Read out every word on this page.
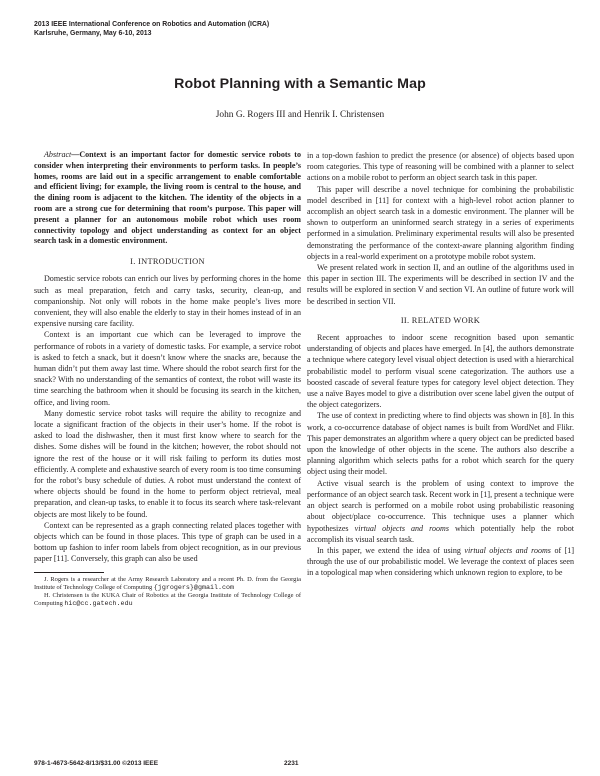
2013 IEEE International Conference on Robotics and Automation (ICRA)
Karlsruhe, Germany, May 6-10, 2013
Robot Planning with a Semantic Map
John G. Rogers III and Henrik I. Christensen

Abstract—Context is an important factor for domestic service robots to consider when interpreting their environments to perform tasks. In people’s homes, rooms are laid out in a specific arrangement to enable comfortable and efficient living; for example, the living room is central to the house, and the dining room is adjacent to the kitchen. The identity of the objects in a room are a strong cue for determining that room’s purpose. This paper will present a planner for an autonomous mobile robot which uses room connectivity topology and object understanding as context for an object search task in a domestic environment.

I. INTRODUCTION

Domestic service robots can enrich our lives by performing chores in the home such as meal preparation, fetch and carry tasks, security, clean-up, and companionship. Not only will robots in the home make people’s lives more convenient, they will also enable the elderly to stay in their homes instead of in an expensive nursing care facility.

Context is an important cue which can be leveraged to improve the performance of robots in a variety of domestic tasks. For example, a service robot is asked to fetch a snack, but it doesn’t know where the snacks are, because the human didn’t put them away last time. Where should the robot search first for the snack? With no understanding of the semantics of context, the robot will waste its time searching the bathroom when it should be focusing its search in the kitchen, office, and living room.

Many domestic service robot tasks will require the ability to recognize and locate a significant fraction of the objects in their user’s home. If the robot is asked to load the dishwasher, then it must first know where to search for the dishes. Some dishes will be found in the kitchen; however, the robot should not ignore the rest of the house or it will risk failing to perform its duties most efficiently. A complete and exhaustive search of every room is too time consuming for the robot’s busy schedule of duties. A robot must understand the context of where objects should be found in the home to perform object retrieval, meal preparation, and clean-up tasks, to enable it to focus its search where task-relevant objects are most likely to be found.

Context can be represented as a graph connecting related places together with objects which can be found in those places. This type of graph can be used in a bottom up fashion to infer room labels from object recognition, as in our previous paper [11]. Conversely, this graph can also be used

J. Rogers is a researcher at the Army Research Laboratory and a recent Ph. D. from the Georgia Institute of Technology College of Computing {jgrogers}@gmail.com

H. Christensen is the KUKA Chair of Robotics at the Georgia Institute of Technology College of Computing hic@cc.gatech.edu

in a top-down fashion to predict the presence (or absence) of objects based upon room categories. This type of reasoning will be combined with a planner to select actions on a mobile robot to perform an object search task in this paper.

This paper will describe a novel technique for combining the probabilistic model described in [11] for context with a high-level robot action planner to accomplish an object search task in a domestic environment. The planner will be shown to outperform an uninformed search strategy in a series of experiments performed in a simulation. Preliminary experimental results will also be presented demonstrating the performance of the context-aware planning algorithm finding objects in a real-world experiment on a prototype mobile robot system.

We present related work in section II, and an outline of the algorithms used in this paper in section III. The experiments will be described in section IV and the results will be explored in section V and section VI. An outline of future work will be described in section VII.

II. RELATED WORK

Recent approaches to indoor scene recognition based upon semantic understanding of objects and places have emerged. In [4], the authors demonstrate a technique where category level visual object detection is used with a hierarchical probabilistic model to perform visual scene categorization. The authors use a boosted cascade of several feature types for category level object detection. They use a naïve Bayes model to give a distribution over scene label given the output of the object categorizers.

The use of context in predicting where to find objects was shown in [8]. In this work, a co-occurrence database of object names is built from WordNet and Flikr. This paper demonstrates an algorithm where a query object can be predicted based upon the knowledge of other objects in the scene. The authors also describe a planning algorithm which selects paths for a robot which search for the query object using their model.

Active visual search is the problem of using context to improve the performance of an object search task. Recent work in [1], present a technique were an object search is performed on a mobile robot using probabilistic reasoning about object/place co-occurrence. This technique uses a planner which hypothesizes virtual objects and rooms which potentially help the robot accomplish its visual search task.

In this paper, we extend the idea of using virtual objects and rooms of [1] through the use of our probabilistic model. We leverage the context of places seen in a topological map when considering which unknown region to explore, to be

978-1-4673-5642-8/13/$31.00 ©2013 IEEE	2231
